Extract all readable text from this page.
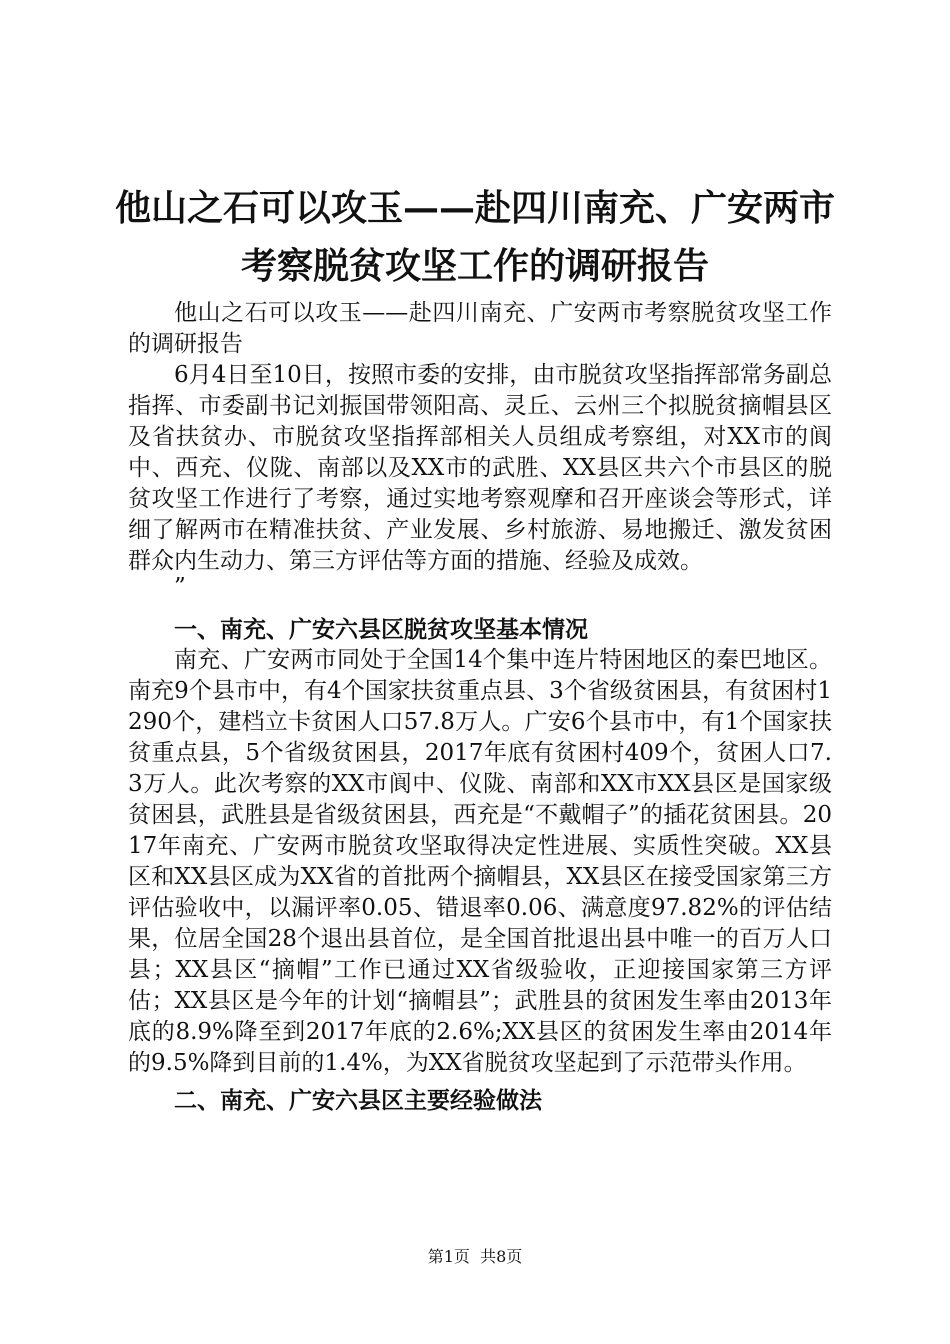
他山之石可以攻玉——赴四川南充、广安两市
考察脱贫攻坚工作的调研报告

他山之石可以攻玉——赴四川南充、广安两市考察脱贫攻坚工作的调研报告

6月4日至10日，按照市委的安排，由市脱贫攻坚指挥部常务副总指挥、市委副书记刘振国带领阳高、灵丘、云州三个拟脱贫摘帽县区及省扶贫办、市脱贫攻坚指挥部相关人员组成考察组，对XX市的阆中、西充、仪陇、南部以及XX市的武胜、XX县区共六个市县区的脱贫攻坚工作进行了考察，通过实地考察观摩和召开座谈会等形式，详细了解两市在精准扶贫、产业发展、乡村旅游、易地搬迁、激发贫困群众内生动力、第三方评估等方面的措施、经验及成效。

”

一、南充、广安六县区脱贫攻坚基本情况

南充、广安两市同处于全国14个集中连片特困地区的秦巴地区。南充9个县市中，有4个国家扶贫重点县、3个省级贫困县，有贫困村1290个，建档立卡贫困人口57.8万人。广安6个县市中，有1个国家扶贫重点县，5个省级贫困县，2017年底有贫困村409个，贫困人口7.3万人。此次考察的XX市阆中、仪陇、南部和XX市XX县区是国家级贫困县，武胜县是省级贫困县，西充是“不戴帽子”的插花贫困县。2017年南充、广安两市脱贫攻坚取得决定性进展、实质性突破。XX县区和XX县区成为XX省的首批两个摘帽县，XX县区在接受国家第三方评估验收中，以漏评率0.05、错退率0.06、满意度97.82%的评估结果，位居全国28个退出县首位，是全国首批退出县中唯一的百万人口县；XX县区“摘帽”工作已通过XX省级验收，正迎接国家第三方评估；XX县区是今年的计划“摘帽县”；武胜县的贫困发生率由2013年底的8.9%降至到2017年底的2.6%;XX县区的贫困发生率由2014年的9.5%降到目前的1.4%，为XX省脱贫攻坚起到了示范带头作用。

二、南充、广安六县区主要经验做法
第1页  共8页
